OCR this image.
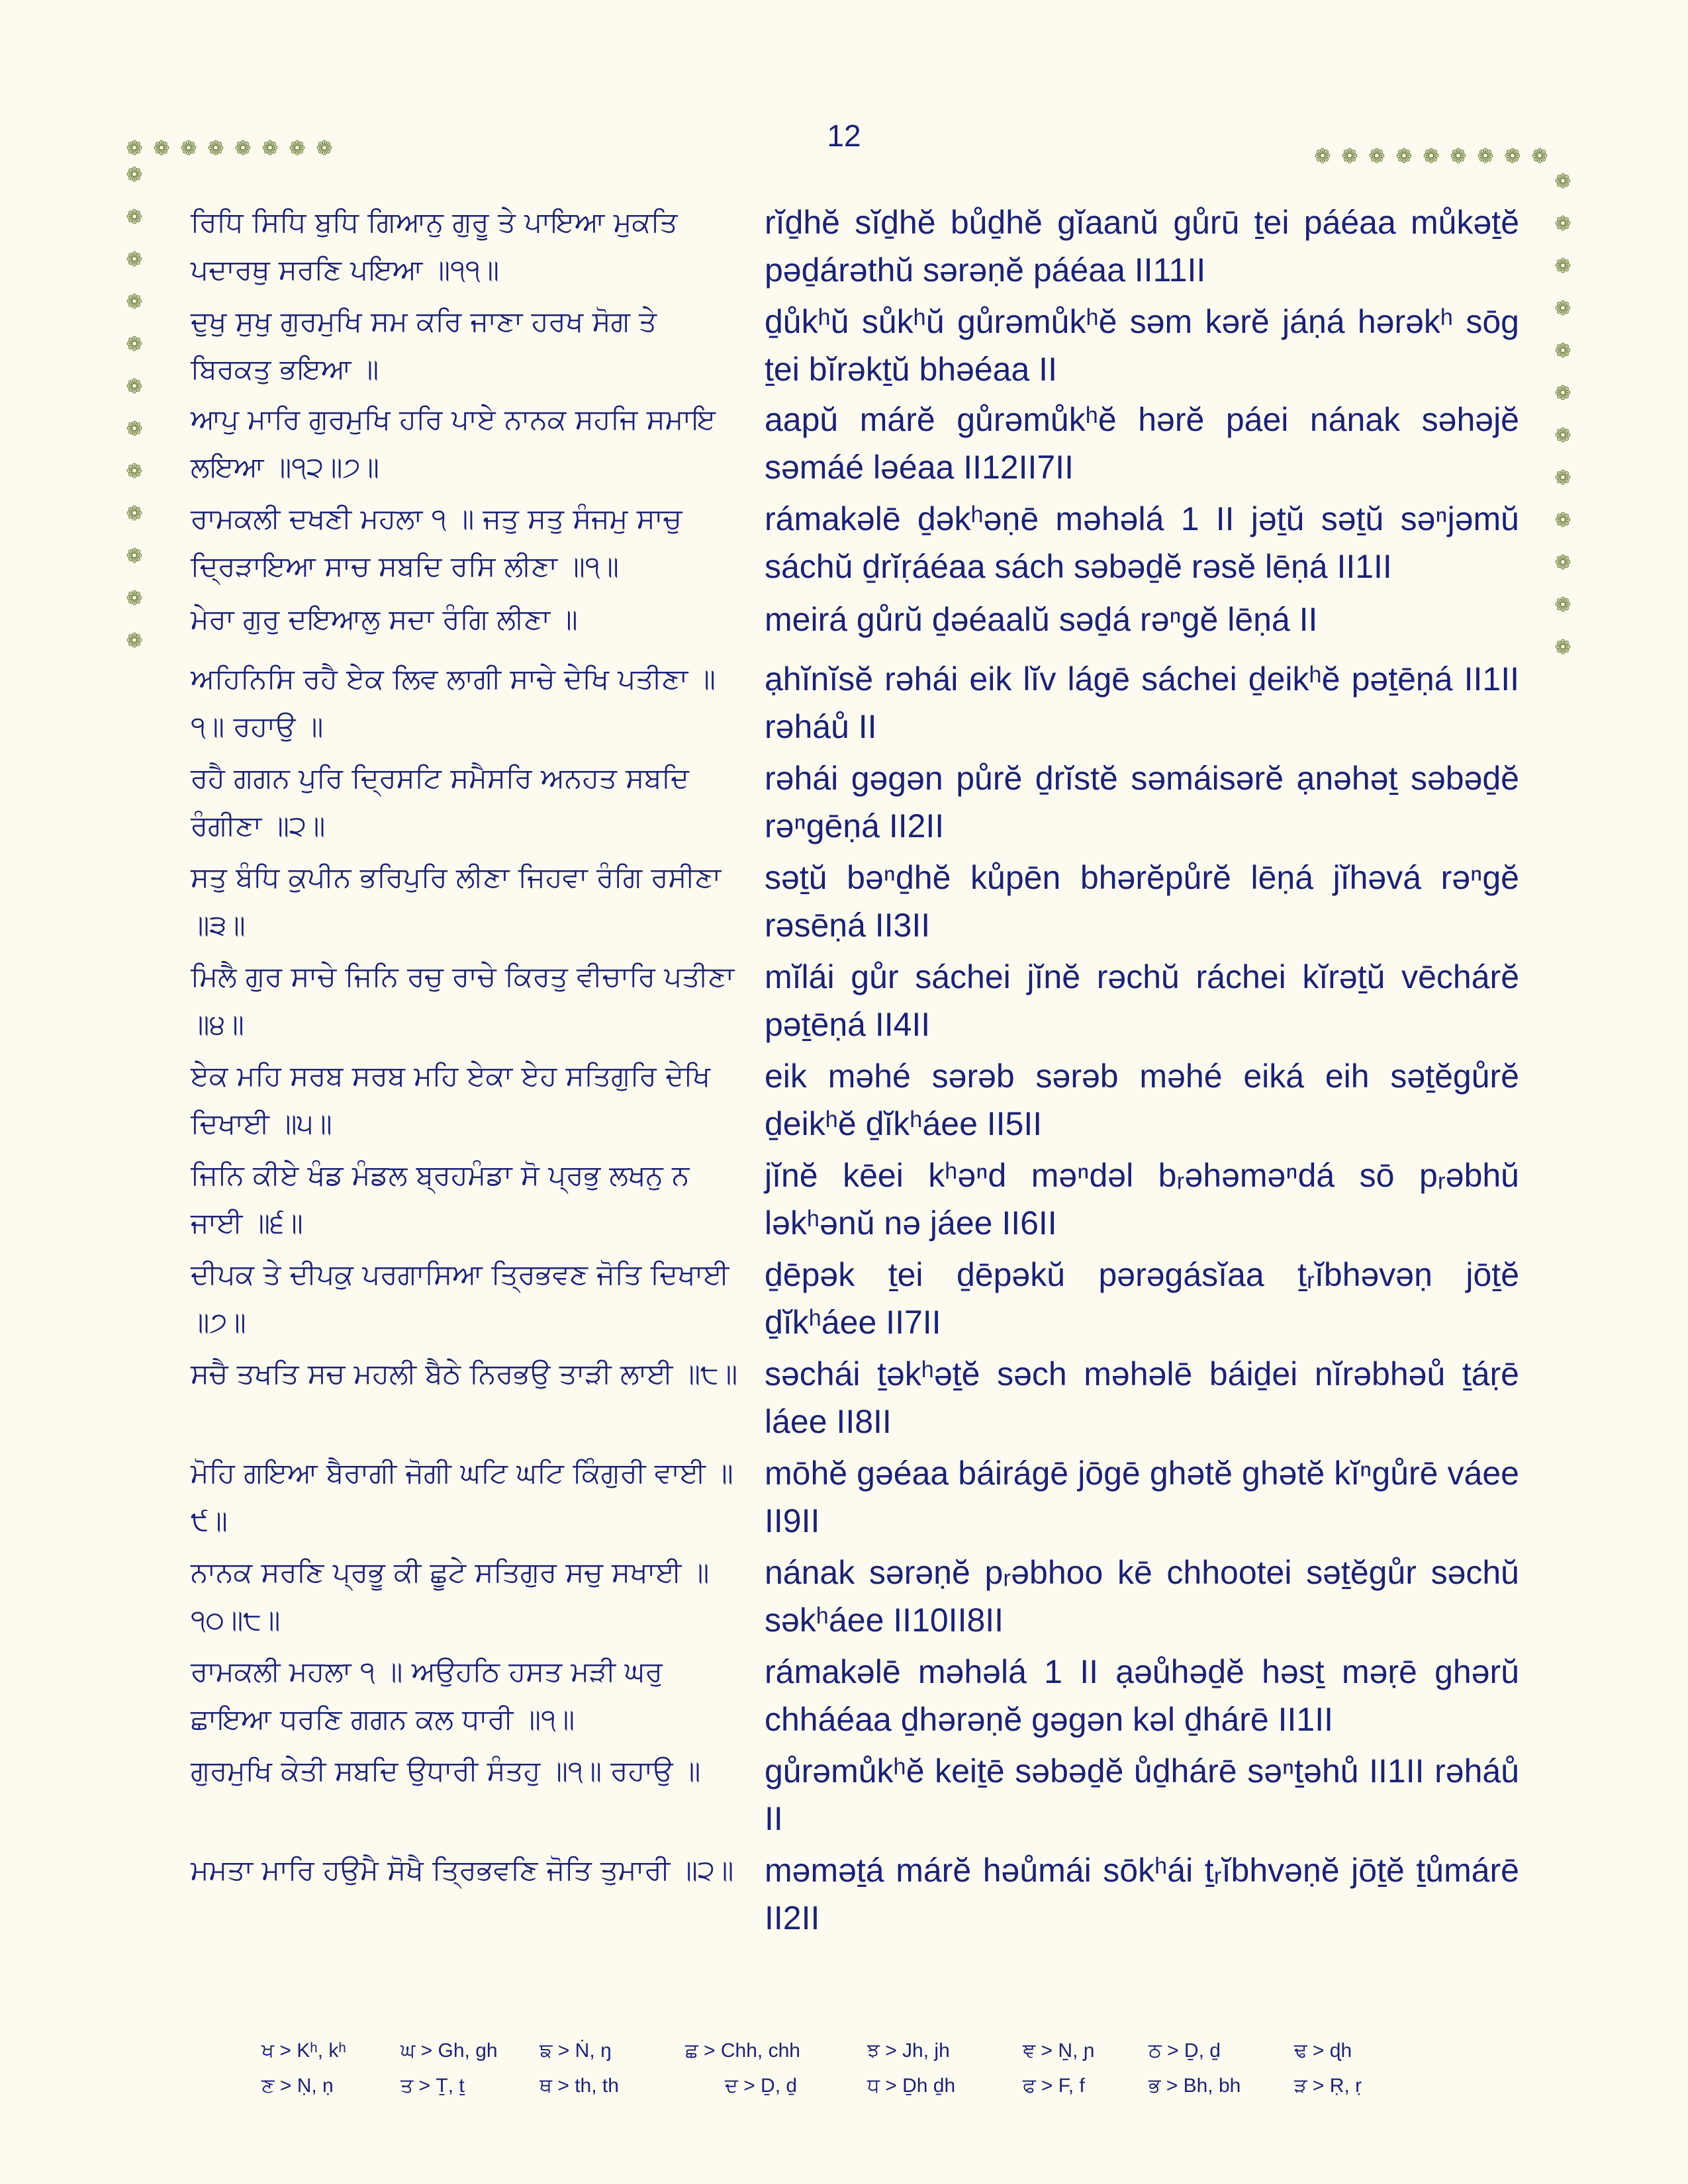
12
❁ ❁ ❁ ❁ ❁ ❁ ❁ ❁	❁ ❁ ❁ ❁ ❁ ❁ ❁ ❁ ❁
❁
❁
❁
❁
❁
❁
❁
❁
❁
❁
❁
❁
❁
❁
❁
❁
❁
❁
❁
❁
❁
❁
❁
❁
ਰਿਧਿ ਸਿਧਿ ਬੁਧਿ ਗਿਆਨੁ ਗੁਰੂ ਤੇ ਪਾਇਆ ਮੁਕਤਿ ਪਦਾਰਥੁ ਸਰਣਿ ਪਇਆ ॥੧੧॥
rĭḏhĕ sĭḏhĕ bůḏhĕ gĭaanŭ gůrū ṯei páéaa můkəṯĕ pəḏárəthŭ sərəṇĕ páéaa II11II
ਦੁਖੁ ਸੁਖੁ ਗੁਰਮੁਖਿ ਸਮ ਕਰਿ ਜਾਣਾ ਹਰਖ ਸੋਗ ਤੇ ਬਿਰਕਤੁ ਭਇਆ ॥
ḏůkʰŭ sůkʰŭ gůrəmůkʰĕ səm kərĕ jáṇá hərəkʰ sōg ṯei bĭrəkṯŭ bhəéaa II
ਆਪੁ ਮਾਰਿ ਗੁਰਮੁਖਿ ਹਰਿ ਪਾਏ ਨਾਨਕ ਸਹਜਿ ਸਮਾਇ ਲਇਆ ॥੧੨॥੭॥
aapŭ márĕ gůrəmůkʰĕ hərĕ páei nának səhəjĕ səmáé ləéaa II12II7II
ਰਾਮਕਲੀ ਦਖਣੀ ਮਹਲਾ ੧ ॥ ਜਤੁ ਸਤੁ ਸੰਜਮੁ ਸਾਚੁ ਦ੍ਰਿੜਾਇਆ ਸਾਚ ਸਬਦਿ ਰਸਿ ਲੀਣਾ ॥੧॥
rámakəlē ḏəkʰəṇē məhəlá 1 II jəṯŭ səṯŭ səⁿjəmŭ sáchŭ ḏrĭṛáéaa sách səbəḏĕ rəsĕ lēṇá II1II
ਮੇਰਾ ਗੁਰੁ ਦਇਆਲੁ ਸਦਾ ਰੰਗਿ ਲੀਣਾ ॥	meirá gůrŭ ḏəéaalŭ səḏá rəⁿgĕ lēṇá II
ਅਹਿਨਿਸਿ ਰਹੈ ਏਕ ਲਿਵ ਲਾਗੀ ਸਾਚੇ ਦੇਖਿ ਪਤੀਣਾ ॥੧॥ ਰਹਾਉ ॥
ạhĭnĭsĕ rəhái eik lĭv lágē sáchei ḏeikʰĕ pəṯēṇá II1II rəháů II
ਰਹੈ ਗਗਨ ਪੁਰਿ ਦ੍ਰਿਸਟਿ ਸਮੈਸਰਿ ਅਨਹਤ ਸਬਦਿ ਰੰਗੀਣਾ ॥੨॥
rəhái gəgən půrĕ ḏrĭstĕ səmáisərĕ ạnəhəṯ səbəḏĕ rəⁿgēṇá II2II
ਸਤੁ ਬੰਧਿ ਕੁਪੀਨ ਭਰਿਪੁਰਿ ਲੀਣਾ ਜਿਹਵਾ ਰੰਗਿ ਰਸੀਣਾ ॥੩॥
səṯŭ bəⁿḏhĕ kůpēn bhərĕpůrĕ lēṇá jĭhəvá rəⁿgĕ rəsēṇá II3II
ਮਿਲੈ ਗੁਰ ਸਾਚੇ ਜਿਨਿ ਰਚੁ ਰਾਚੇ ਕਿਰਤੁ ਵੀਚਾਰਿ ਪਤੀਣਾ ॥੪॥
mĭlái gůr sáchei jĭnĕ rəchŭ ráchei kĭrəṯŭ vēchárĕ pəṯēṇá II4II
ਏਕ ਮਹਿ ਸਰਬ ਸਰਬ ਮਹਿ ਏਕਾ ਏਹ ਸਤਿਗੁਰਿ ਦੇਖਿ ਦਿਖਾਈ ॥੫॥
eik məhé sərəb sərəb məhé eiká eih səṯĕgůrĕ ḏeikʰĕ ḏĭkʰáee II5II
ਜਿਨਿ ਕੀਏ ਖੰਡ ਮੰਡਲ ਬ੍ਰਹਮੰਡਾ ਸੋ ਪ੍ਰਭੁ ਲਖਨੁ ਨ ਜਾਈ ॥੬॥
jĭnĕ kēei kʰəⁿd məⁿdəl bᵣəhəməⁿdá sō pᵣəbhŭ ləkʰənŭ nə jáee II6II
ਦੀਪਕ ਤੇ ਦੀਪਕੁ ਪਰਗਾਸਿਆ ਤ੍ਰਿਭਵਣ ਜੋਤਿ ਦਿਖਾਈ ॥੭॥
ḏēpək ṯei ḏēpəkŭ pərəgásĭaa ṯᵣĭbhəvəṇ jōṯĕ ḏĭkʰáee II7II
ਸਚੈ ਤਖਤਿ ਸਚ ਮਹਲੀ ਬੈਠੇ ਨਿਰਭਉ ਤਾੜੀ ਲਾਈ ॥੮॥ səchái ṯəkʰəṯĕ səch məhəlē báiḏei nĭrəbhəů ṯáṛē láee II8II
ਮੋਹਿ ਗਇਆ ਬੈਰਾਗੀ ਜੋਗੀ ਘਟਿ ਘਟਿ ਕਿੰਗੁਰੀ ਵਾਈ ॥੯॥
mōhĕ gəéaa báirágē jōgē ghətĕ ghətĕ kĭⁿgůrē váee II9II
ਨਾਨਕ ਸਰਣਿ ਪ੍ਰਭੂ ਕੀ ਛੂਟੇ ਸਤਿਗੁਰ ਸਚੁ ਸਖਾਈ ॥੧੦॥੮॥
nának sərəṇĕ pᵣəbhoo kē chhootei səṯĕgůr səchŭ səkʰáee II10II8II
ਰਾਮਕਲੀ ਮਹਲਾ ੧ ॥ ਅਉਹਠਿ ਹਸਤ ਮੜੀ ਘਰੁ ਛਾਇਆ ਧਰਣਿ ਗਗਨ ਕਲ ਧਾਰੀ ॥੧॥
rámakəlē məhəlá 1 II ạəůhəḏĕ həsṯ məṛē ghərŭ chháéaa ḏhərəṇĕ gəgən kəl ḏhárē II1II
ਗੁਰਮੁਖਿ ਕੇਤੀ ਸਬਦਿ ਉਧਾਰੀ ਸੰਤਹੁ ॥੧॥ ਰਹਾਉ ॥	gůrəmůkʰĕ keiṯē səbəḏĕ ůḏhárē səⁿṯəhů II1II rəháů II
ਮਮਤਾ ਮਾਰਿ ਹਉਮੈ ਸੋਖੈ ਤ੍ਰਿਭਵਣਿ ਜੋਤਿ ਤੁਮਾਰੀ ॥੨॥ məməṯá márĕ həůmái sōkʰái ṯᵣĭbhvəṇĕ jōṯĕ ṯůmárē II2II
ਖ > Kʰ, kʰ	ਘ > Gh, gh ਙ > Ṅ, ŋ	ਛ > Chh, chh	ਝ > Jh, jh	ਞ > Ṉ, ɲ	ਠ > Ḏ, ḏ	ਢ > ɖh
ਣ > Ṇ, ṇ	ਤ > Ṯ, ṯ	ਥ > th, th	ਦ > Ḏ, ḏ	ਧ > Ḏh ḏh	ਫ > F, f	ਭ > Bh, bh	ੜ > Ṛ, ṛ
